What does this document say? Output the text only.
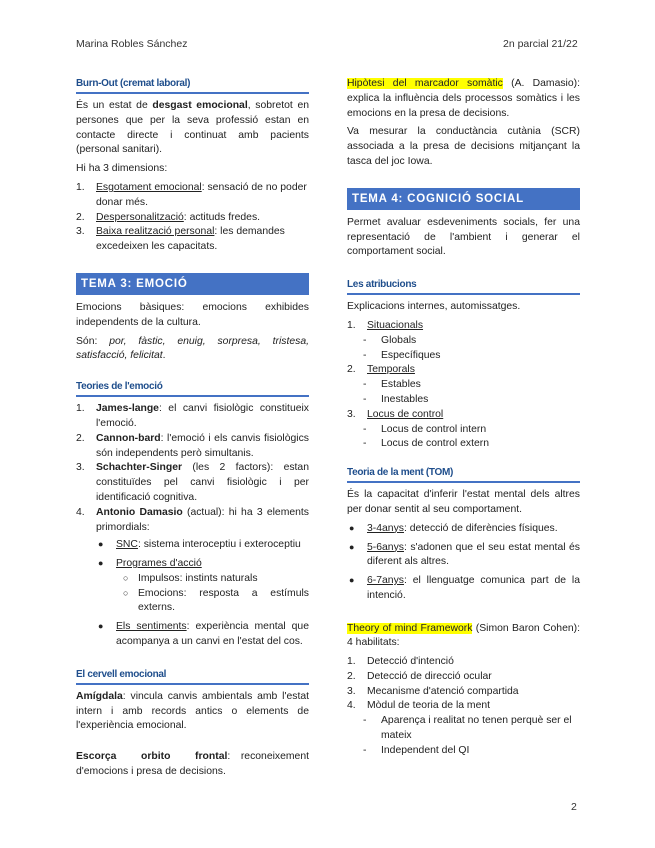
Marina Robles Sánchez	2n parcial 21/22
Burn-Out (cremat laboral)

És un estat de desgast emocional, sobretot en persones que per la seva professió estan en contacte directe i continuat amb pacients (personal sanitari).

Hi ha 3 dimensions:

1. Esgotament emocional: sensació de no poder donar més.
2. Despersonalització: actituds fredes.
3. Baixa realització personal: les demandes excedeixen les capacitats.
TEMA 3: EMOCIÓ

Emocions bàsiques: emocions exhibides independents de la cultura.

Són: por, fàstic, enuig, sorpresa, tristesa, satisfacció, felicitat.

Teories de l'emoció
1. James-lange: el canvi fisiològic constitueix l'emoció.
2. Cannon-bard: l'emoció i els canvis fisiològics són independents però simultanis.
3. Schachter-Singer (les 2 factors): estan constituïdes pel canvi fisiològic i per identificació cognitiva.
4. Antonio Damasio (actual): hi ha 3 elements primordials:
● SNC: sistema interoceptiu i exteroceptiu
● Programes d'acció
○ Impulsos: instints naturals
○ Emocions: resposta a estímuls externs.
● Els sentiments: experiència mental que acompanya a un canvi en l'estat del cos.
El cervell emocional

Amígdala: vincula canvis ambientals amb l'estat intern i amb records antics o elements de l'experiència emocional.

Escorça orbito frontal: reconeixement d'emocions i presa de decisions.

Hipòtesi del marcador somàtic (A. Damasio): explica la influència dels processos somàtics i les emocions en la presa de decisions.

Va mesurar la conductància cutània (SCR) associada a la presa de decisions mitjançant la tasca del joc Iowa.

TEMA 4: COGNICIÓ SOCIAL

Permet avaluar esdeveniments socials, fer una representació de l'ambient i generar el comportament social.

Les atribucions

Explicacions internes, automissatges.

1. Situacionals
- Globals
- Específiques
2. Temporals
- Estables
- Inestables
3. Locus de control
- Locus de control intern
- Locus de control extern
Teoria de la ment (TOM)

És la capacitat d'inferir l'estat mental dels altres per donar sentit al seu comportament.

● 3-4anys: detecció de diferències físiques.
● 5-6anys: s'adonen que el seu estat mental és diferent als altres.
● 6-7anys: el llenguatge comunica part de la intenció.

Theory of mind Framework (Simon Baron Cohen): 4 habilitats:

1. Detecció d'intenció
2. Detecció de direcció ocular
3. Mecanisme d'atenció compartida
4. Mòdul de teoria de la ment
- Aparença i realitat no tenen perquè ser el mateix
- Independent del QI
2
